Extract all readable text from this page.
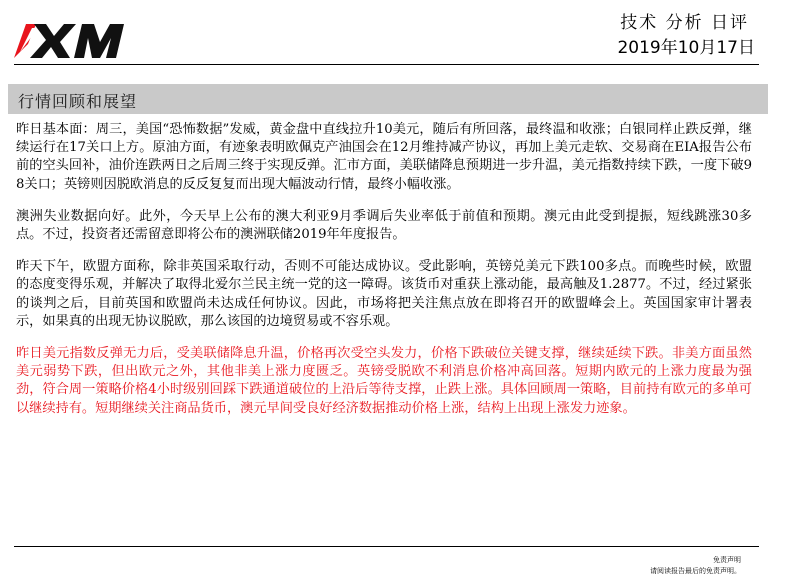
技术 分析 日评
2019年10月17日
行情回顾和展望

昨日基本面：周三，美国“恐怖数据”发威，黄金盘中直线拉升10美元，随后有所回落，最终温和收涨；白银同样止跌反弹，继续运行在17关口上方。原油方面，有迹象表明欧佩克产油国会在12月维持减产协议，再加上美元走软、交易商在EIA报告公布前的空头回补，油价连跌两日之后周三终于实现反弹。汇市方面，美联储降息预期进一步升温，美元指数持续下跌，一度下破98关口；英镑则因脱欧消息的反反复复而出现大幅波动行情，最终小幅收涨。

澳洲失业数据向好。此外，今天早上公布的澳大利亚9月季调后失业率低于前值和预期。澳元由此受到提振，短线跳涨30多点。不过，投资者还需留意即将公布的澳洲联储2019年年度报告。

昨天下午，欧盟方面称，除非英国采取行动，否则不可能达成协议。受此影响，英镑兑美元下跌100多点。而晚些时候，欧盟的态度变得乐观，并解决了取得北爱尔兰民主统一党的这一障碍。该货币对重获上涨动能，最高触及1.2877。不过，经过紧张的谈判之后，目前英国和欧盟尚未达成任何协议。因此，市场将把关注焦点放在即将召开的欧盟峰会上。英国国家审计署表示，如果真的出现无协议脱欧，那么该国的边境贸易或不容乐观。

昨日美元指数反弹无力后，受美联储降息升温，价格再次受空头发力，价格下跌破位关键支撑，继续延续下跌。非美方面虽然美元弱势下跌，但出欧元之外，其他非美上涨力度匮乏。英镑受脱欧不利消息价格冲高回落。短期内欧元的上涨力度最为强劲，符合周一策略价格4小时级别回踩下跌通道破位的上沿后等待支撑，止跌上涨。具体回顾周一策略，目前持有欧元的多单可以继续持有。短期继续关注商品货币，澳元早间受良好经济数据推动价格上涨，结构上出现上涨发力迹象。

免责声明
请阅读报告最后的免责声明。
